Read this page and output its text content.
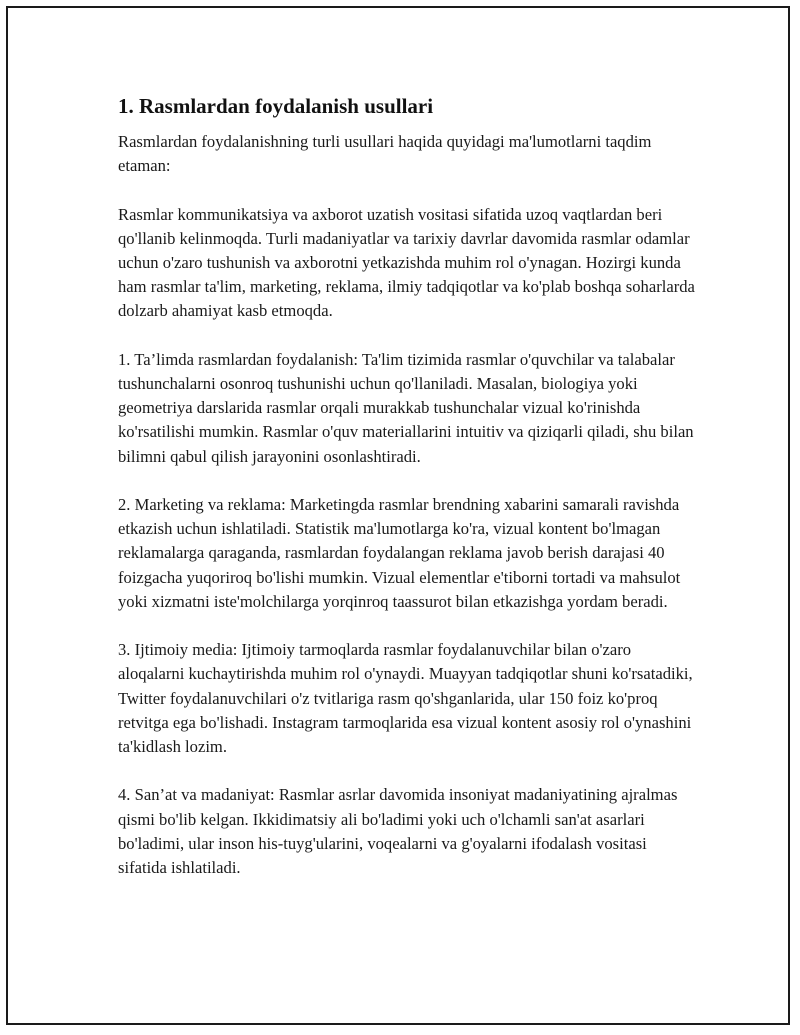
1. Rasmlardan foydalanish usullari

Rasmlardan foydalanishning turli usullari haqida quyidagi ma'lumotlarni taqdim etaman:

Rasmlar kommunikatsiya va axborot uzatish vositasi sifatida uzoq vaqtlardan beri qo'llanib kelinmoqda. Turli madaniyatlar va tarixiy davrlar davomida rasmlar odamlar uchun o'zaro tushunish va axborotni yetkazishda muhim rol o'ynagan. Hozirgi kunda ham rasmlar ta'lim, marketing, reklama, ilmiy tadqiqotlar va ko'plab boshqa soharlarda dolzarb ahamiyat kasb etmoqda.

1. Ta’limda rasmlardan foydalanish: Ta'lim tizimida rasmlar o'quvchilar va talabalar tushunchalarni osonroq tushunishi uchun qo'llaniladi. Masalan, biologiya yoki geometriya darslarida rasmlar orqali murakkab tushunchalar vizual ko'rinishda ko'rsatilishi mumkin. Rasmlar o'quv materiallarini intuitiv va qiziqarli qiladi, shu bilan bilimni qabul qilish jarayonini osonlashtiradi.

2. Marketing va reklama: Marketingda rasmlar brendning xabarini samarali ravishda etkazish uchun ishlatiladi. Statistik ma'lumotlarga ko'ra, vizual kontent bo'lmagan reklamalarga qaraganda, rasmlardan foydalangan reklama javob berish darajasi 40 foizgacha yuqoriroq bo'lishi mumkin. Vizual elementlar e'tiborni tortadi va mahsulot yoki xizmatni iste'molchilarga yorqinroq taassurot bilan etkazishga yordam beradi.

3. Ijtimoiy media: Ijtimoiy tarmoqlarda rasmlar foydalanuvchilar bilan o'zaro aloqalarni kuchaytirishda muhim rol o'ynaydi. Muayyan tadqiqotlar shuni ko'rsatadiki, Twitter foydalanuvchilari o'z tvitlariga rasm qo'shganlarida, ular 150 foiz ko'proq retvitga ega bo'lishadi. Instagram tarmoqlarida esa vizual kontent asosiy rol o'ynashini ta'kidlash lozim.

4. San’at va madaniyat: Rasmlar asrlar davomida insoniyat madaniyatining ajralmas qismi bo'lib kelgan. Ikkidimatsiy ali bo'ladimi yoki uch o'lchamli san'at asarlari bo'ladimi, ular inson his-tuyg'ularini, voqealarni va g'oyalarni ifodalash vositasi sifatida ishlatiladi.
